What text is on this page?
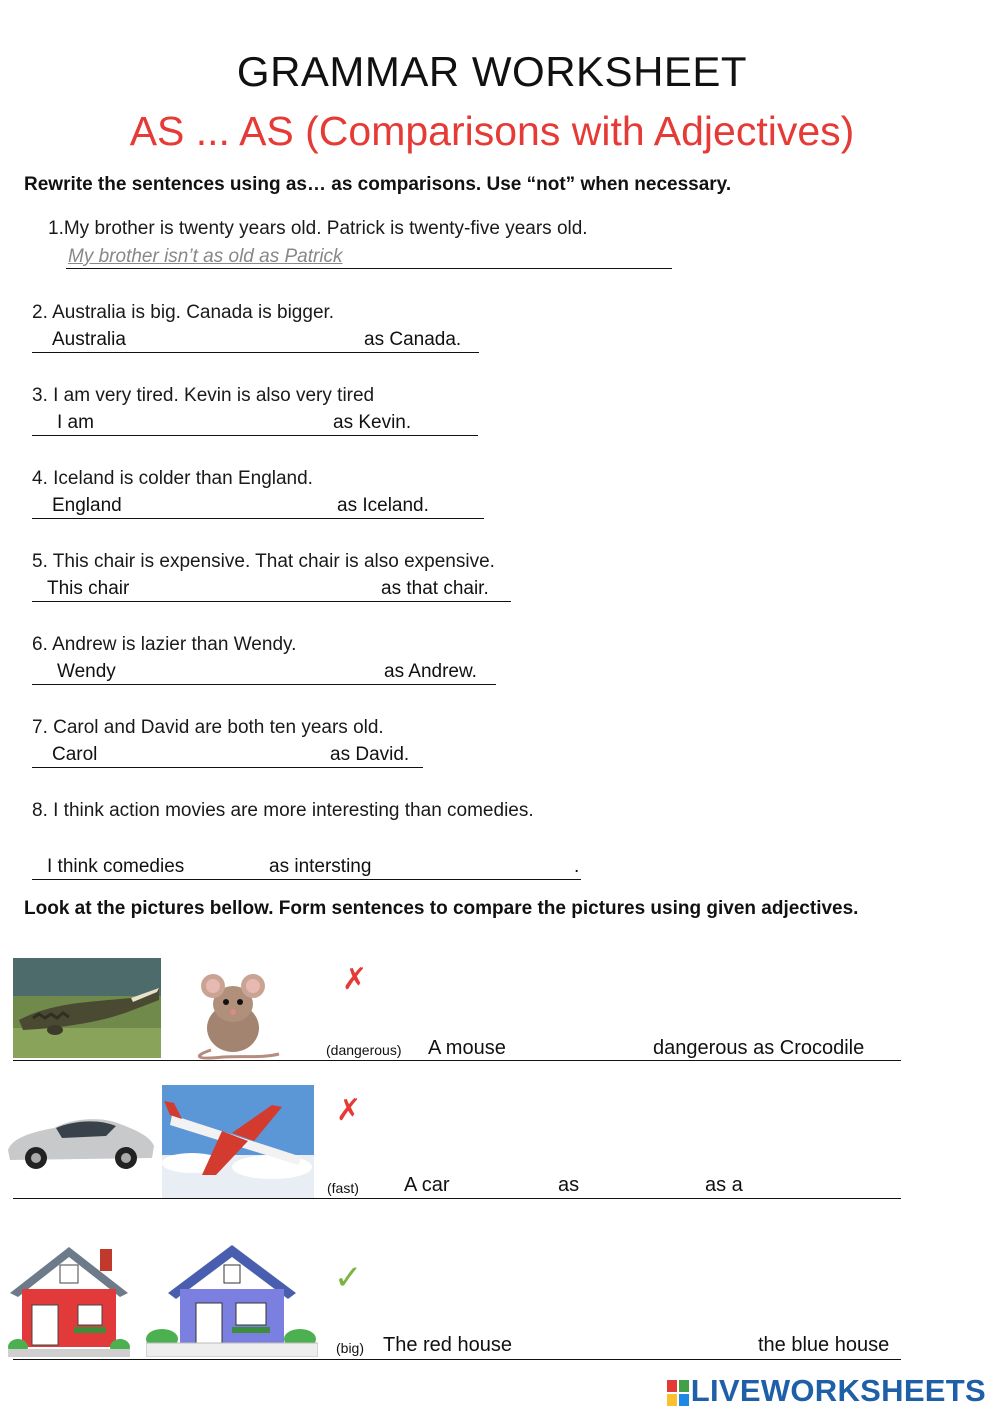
GRAMMAR WORKSHEET
AS ... AS (Comparisons with Adjectives)
Rewrite the sentences using as… as comparisons. Use “not” when necessary.
1.My brother is twenty years old. Patrick is twenty-five years old.
My brother isn’t as old as Patrick
2. Australia is big. Canada is bigger.
Australia	as Canada.
3. I am very tired. Kevin is also very tired
I am	as Kevin.
4. Iceland is colder than England.
England	as Iceland.
5. This chair is expensive. That chair is also expensive.
This chair	as that chair.
6. Andrew is lazier than Wendy.
Wendy	as Andrew.
7. Carol and David are both ten years old.
Carol	as David.
8. I think action movies are more interesting than comedies.
I think comedies	as intersting	.
Look at the pictures bellow. Form sentences to compare the pictures using given adjectives.
✗
(dangerous) A mouse	dangerous as Crocodile
✗
(fast) A car	as	as a
✓
(big) The red house	the blue house
LIVEWORKSHEETS
